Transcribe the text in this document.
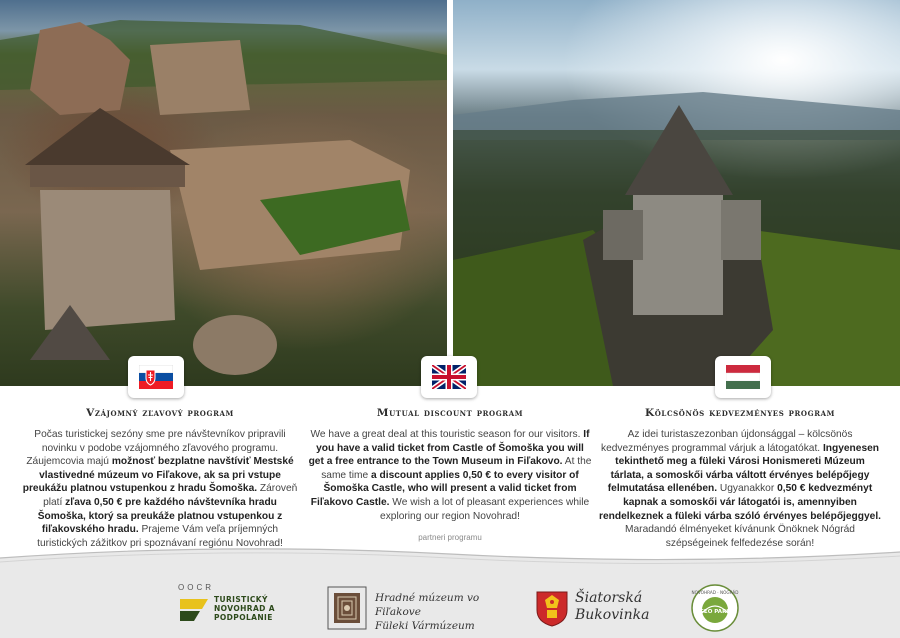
Vzájomný zľavový program

Počas turistickej sezóny sme pre návštevníkov pripravili novinku v podobe vzájomného zľavového programu. Záujemcovia majú možnosť bezplatne navštíviť Mestské vlastivedné múzeum vo Fiľakove, ak sa pri vstupe preukážu platnou vstupenkou z hradu Šomoška. Zároveň platí zľava 0,50 € pre každého návštevníka hradu Šomoška, ktorý sa preukáže platnou vstupenkou z fiľakovského hradu. Prajeme Vám veľa príjemných turistických zážitkov pri spoznávaní regiónu Novohrad!

Mutual discount program

We have a great deal at this touristic season for our visitors. If you have a valid ticket from Castle of Šomoška you will get a free entrance to the Town Museum in Fiľakovo. At the same time a discount applies 0,50 € to every visitor of Šomoška Castle, who will present a valid ticket from Fiľakovo Castle. We wish a lot of pleasant experiences while exploring our region Novohrad!

Kölcsönös kedvezményes program

Az idei turistaszezonban újdonsággal – kölcsönös kedvezményes programmal várjuk a látogatókat. Ingyenesen tekinthető meg a füleki Városi Honismereti Múzeum tárlata, a somoskői várba váltott érvényes belépőjegy felmutatása ellenében. Ugyanakkor 0,50 € kedvezményt kapnak a somoskői vár látogatói is, amennyiben rendelkeznek a füleki várba szóló érvényes belépőjeggyel. Maradandó élményeket kívánunk Önöknek Nógrád szépségeinek felfedezése során!

partneri programu
OOCR
TURISTICKÝ
NOVOHRAD A
PODPOLANIE
Hradné múzeum vo Fiľakove
Füleki Vármúzeum
Šiatorská
Bukovinka
NOVOHRAD · NÓGRÁD
GEO PARK
